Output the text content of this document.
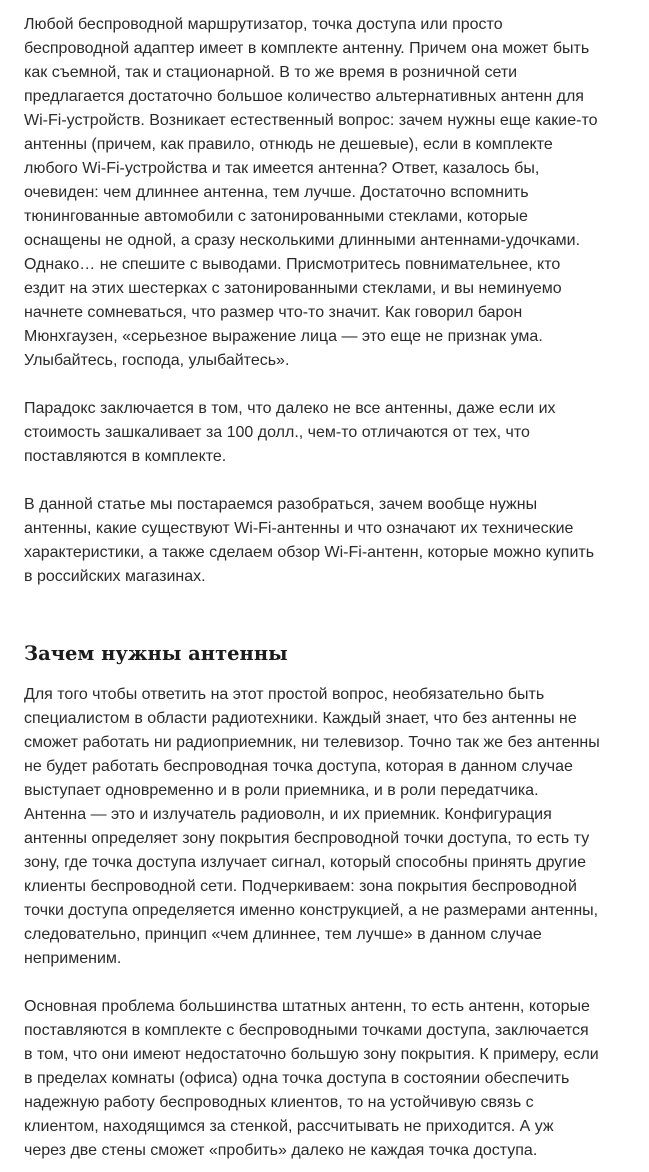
Любой беспроводной маршрутизатор, точка доступа или просто
беспроводной адаптер имеет в комплекте антенну. Причем она может быть
как съемной, так и стационарной. В то же время в розничной сети
предлагается достаточно большое количество альтернативных антенн для
Wi-Fi-устройств. Возникает естественный вопрос: зачем нужны еще какие-то
антенны (причем, как правило, отнюдь не дешевые), если в комплекте
любого Wi-Fi-устройства и так имеется антенна? Ответ, казалось бы,
очевиден: чем длиннее антенна, тем лучше. Достаточно вспомнить
тюнингованные автомобили с затонированными стеклами, которые
оснащены не одной, а сразу несколькими длинными антеннами-удочками.
Однако… не спешите с выводами. Присмотритесь повнимательнее, кто
ездит на этих шестерках с затонированными стеклами, и вы неминуемо
начнете сомневаться, что размер что-то значит. Как говорил барон
Мюнхгаузен, «серьезное выражение лица — это еще не признак ума.
Улыбайтесь, господа, улыбайтесь».
Парадокс заключается в том, что далеко не все антенны, даже если их
стоимость зашкаливает за 100 долл., чем-то отличаются от тех, что
поставляются в комплекте.
В данной статье мы постараемся разобраться, зачем вообще нужны
антенны, какие существуют Wi-Fi-антенны и что означают их технические
характеристики, а также сделаем обзор Wi-Fi-антенн, которые можно купить
в российских магазинах.
Зачем нужны антенны
Для того чтобы ответить на этот простой вопрос, необязательно быть
специалистом в области радиотехники. Каждый знает, что без антенны не
сможет работать ни радиоприемник, ни телевизор. Точно так же без антенны
не будет работать беспроводная точка доступа, которая в данном случае
выступает одновременно и в роли приемника, и в роли передатчика.
Антенна — это и излучатель радиоволн, и их приемник. Конфигурация
антенны определяет зону покрытия беспроводной точки доступа, то есть ту
зону, где точка доступа излучает сигнал, который способны принять другие
клиенты беспроводной сети. Подчеркиваем: зона покрытия беспроводной
точки доступа определяется именно конструкцией, а не размерами антенны,
следовательно, принцип «чем длиннее, тем лучше» в данном случае
неприменим.
Основная проблема большинства штатных антенн, то есть антенн, которые
поставляются в комплекте с беспроводными точками доступа, заключается
в том, что они имеют недостаточно большую зону покрытия. К примеру, если
в пределах комнаты (офиса) одна точка доступа в состоянии обеспечить
надежную работу беспроводных клиентов, то на устойчивую связь с
клиентом, находящимся за стенкой, рассчитывать не приходится. А уж
через две стены сможет «пробить» далеко не каждая точка доступа.
